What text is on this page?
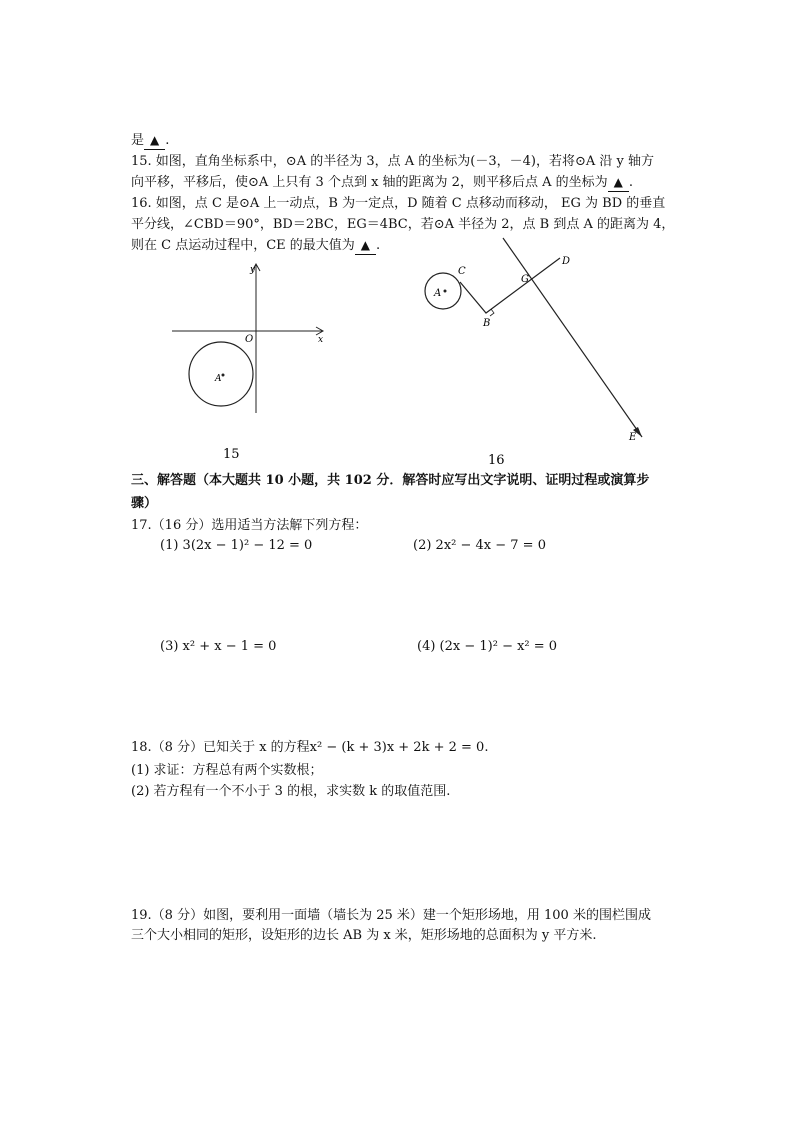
是 ▲ .
15. 如图，直角坐标系中，⊙A 的半径为 3，点 A 的坐标为(－3，－4)，若将⊙A 沿 y 轴方
向平移，平移后，使⊙A 上只有 3 个点到 x 轴的距离为 2，则平移后点 A 的坐标为 ▲ .
16. 如图，点 C 是⊙A 上一动点，B 为一定点，D 随着 C 点移动而移动， EG 为 BD 的垂直
平分线，∠CBD＝90°，BD＝2BC，EG＝4BC，若⊙A 半径为 2，点 B 到点 A 的距离为 4，
则在 C 点运动过程中，CE 的最大值为 ▲ .
y
x
O
A
15
A
C
B
G
D
E
16
三、解答题（本大题共 10 小题，共 102 分．解答时应写出文字说明、证明过程或演算步
骤）
17.（16 分）选用适当方法解下列方程：
(1) 3(2x − 1)² − 12 = 0	(2) 2x² − 4x − 7 = 0
(3) x² + x − 1 = 0	(4) (2x − 1)² − x² = 0
18.（8 分）已知关于 x 的方程x² − (k + 3)x + 2k + 2 = 0.
(1) 求证：方程总有两个实数根；
(2) 若方程有一个不小于 3 的根，求实数 k 的取值范围.
19.（8 分）如图，要利用一面墙（墙长为 25 米）建一个矩形场地，用 100 米的围栏围成
三个大小相同的矩形，设矩形的边长 AB 为 x 米，矩形场地的总面积为 y 平方米.
